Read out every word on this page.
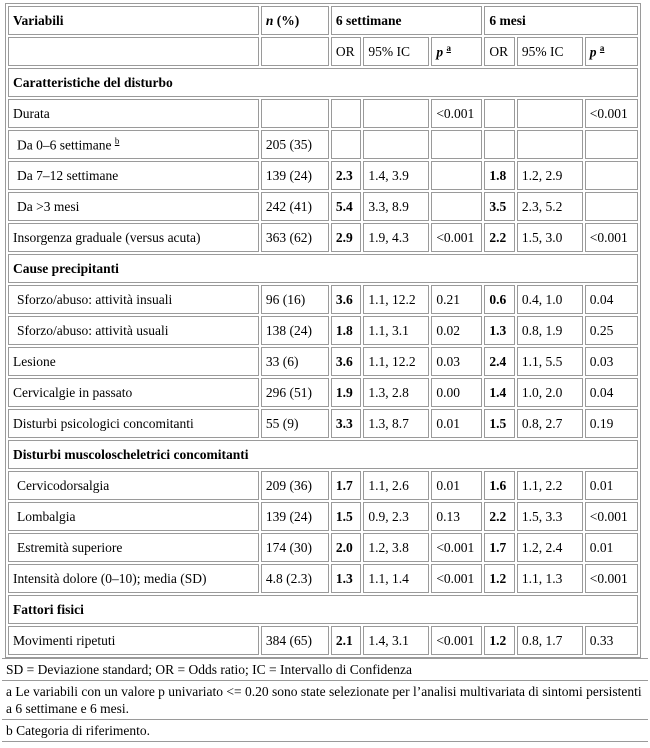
Variabili	n (%)	6 settimane			6 mesi		
		OR	95% IC	p $^a$	OR	95% IC	p $^a$
Caratteristiche del disturbo							
Durata				<0.001			<0.001
Da 0–6 settimane $^b$	205 (35)						
Da 7–12 settimane	139 (24)	2.3	1.4, 3.9		1.8	1.2, 2.9	
Da >3 mesi	242 (41)	5.4	3.3, 8.9		3.5	2.3, 5.2	
Insorgenza graduale (versus acuta)	363 (62)	2.9	1.9, 4.3	<0.001	2.2	1.5, 3.0	<0.001
Cause precipitanti							
Sforzo/abuso: attività insuali	96 (16)	3.6	1.1, 12.2	0.21	0.6	0.4, 1.0	0.04
Sforzo/abuso: attività usuali	138 (24)	1.8	1.1, 3.1	0.02	1.3	0.8, 1.9	0.25
Lesione	33 (6)	3.6	1.1, 12.2	0.03	2.4	1.1, 5.5	0.03
Cervicalgie in passato	296 (51)	1.9	1.3, 2.8	0.00	1.4	1.0, 2.0	0.04
Disturbi psicologici concomitanti	55 (9)	3.3	1.3, 8.7	0.01	1.5	0.8, 2.7	0.19
Disturbi muscoloscheletrici concomitanti							
Cervicodorsalgia	209 (36)	1.7	1.1, 2.6	0.01	1.6	1.1, 2.2	0.01
Lombalgia	139 (24)	1.5	0.9, 2.3	0.13	2.2	1.5, 3.3	<0.001
Estremità superiore	174 (30)	2.0	1.2, 3.8	<0.001	1.7	1.2, 2.4	0.01
Intensità dolore (0–10); media (SD)	4.8 (2.3)	1.3	1.1, 1.4	<0.001	1.2	1.1, 1.3	<0.001
Fattori fisici							
Movimenti ripetuti	384 (65)	2.1	1.4, 3.1	<0.001	1.2	0.8, 1.7	0.33
SD = Deviazione standard; OR = Odds ratio; IC = Intervallo di Confidenza
a Le variabili con un valore p univariato <= 0.20 sono state selezionate per l’analisi multivariata di sintomi persistenti a 6 settimane e 6 mesi.
b Categoria di riferimento.
